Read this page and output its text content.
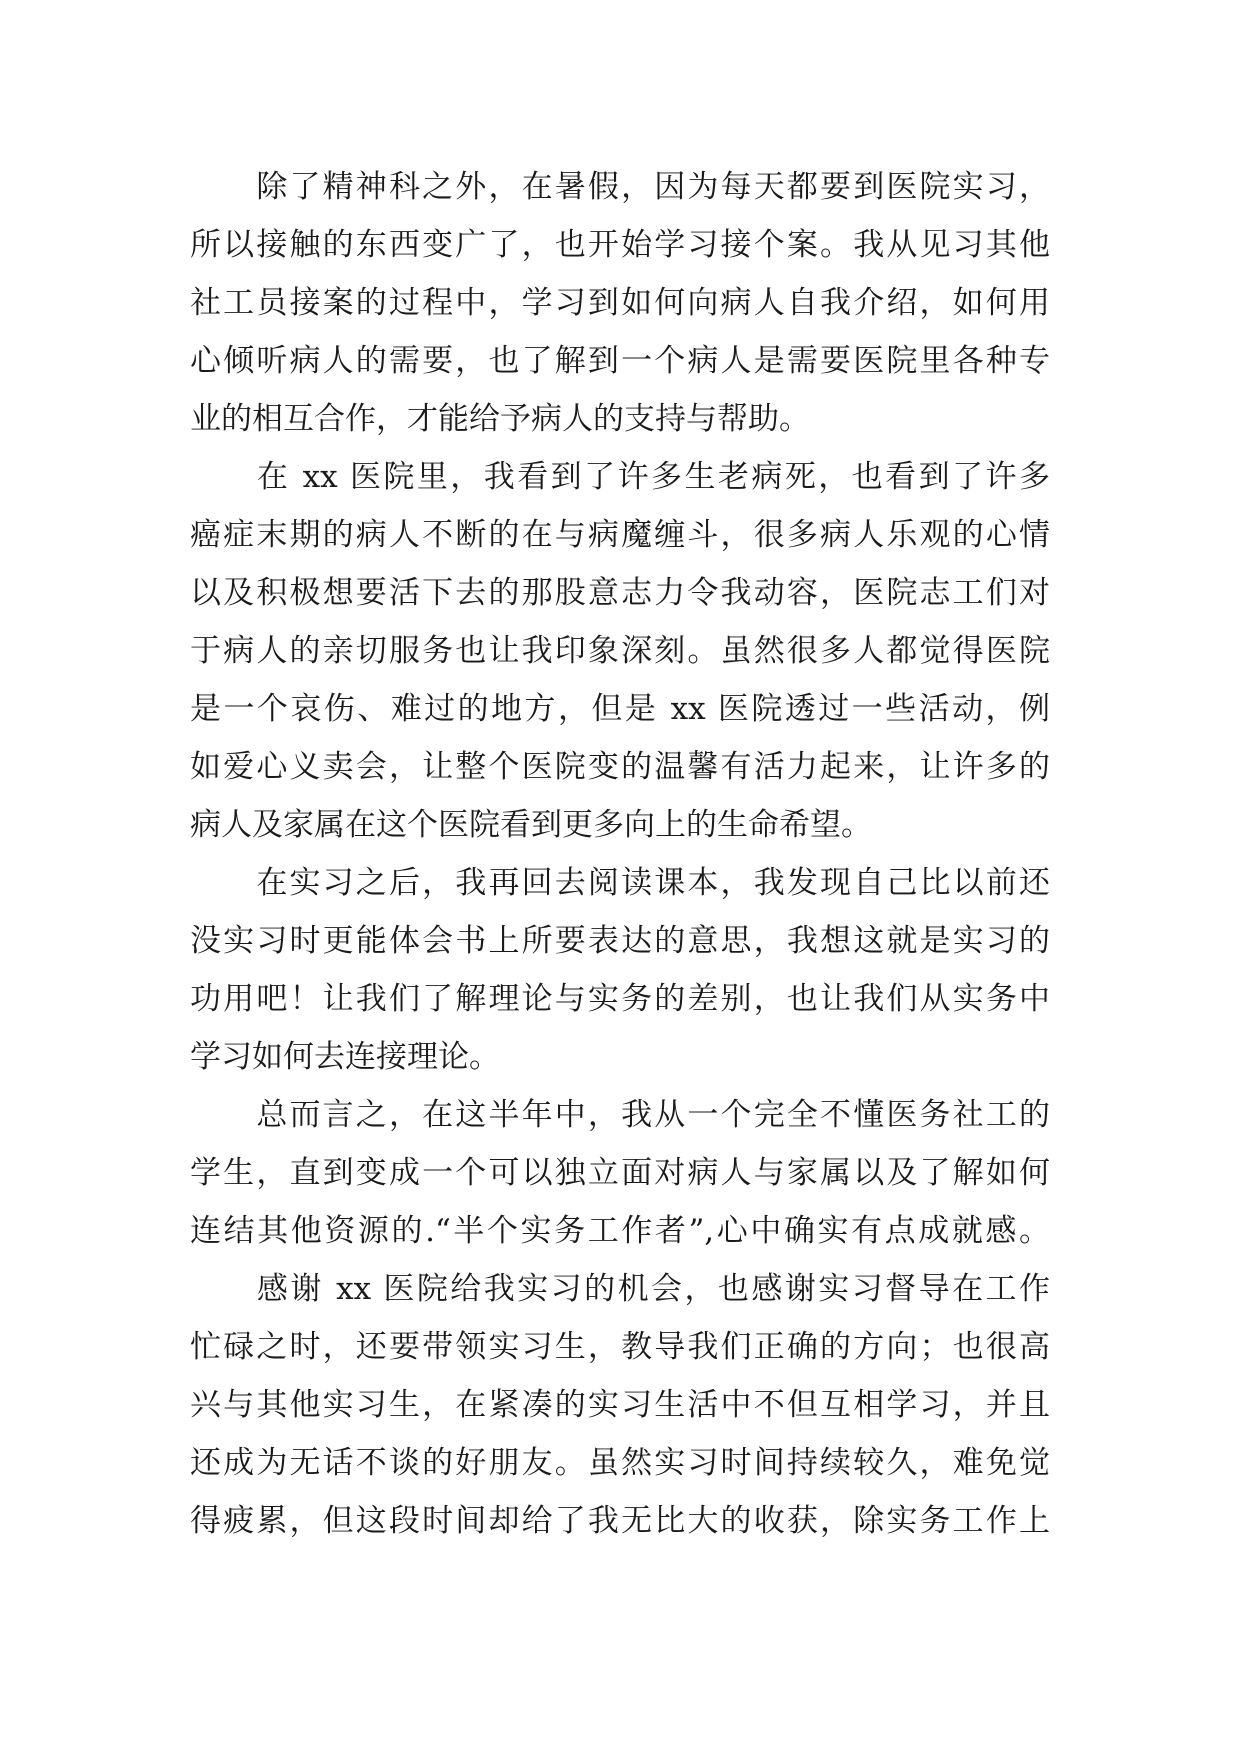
　　除了精神科之外，在暑假，因为每天都要到医院实习，
所以接触的东西变广了，也开始学习接个案。我从见习其他
社工员接案的过程中，学习到如何向病人自我介绍，如何用
心倾听病人的需要，也了解到一个病人是需要医院里各种专
业的相互合作，才能给予病人的支持与帮助。
　　在 xx 医院里，我看到了许多生老病死，也看到了许多
癌症末期的病人不断的在与病魔缠斗，很多病人乐观的心情
以及积极想要活下去的那股意志力令我动容，医院志工们对
于病人的亲切服务也让我印象深刻。虽然很多人都觉得医院
是一个哀伤、难过的地方，但是 xx 医院透过一些活动，例
如爱心义卖会，让整个医院变的温馨有活力起来，让许多的
病人及家属在这个医院看到更多向上的生命希望。
　　在实习之后，我再回去阅读课本，我发现自己比以前还
没实习时更能体会书上所要表达的意思，我想这就是实习的
功用吧！让我们了解理论与实务的差别，也让我们从实务中
学习如何去连接理论。
　　总而言之，在这半年中，我从一个完全不懂医务社工的
学生，直到变成一个可以独立面对病人与家属以及了解如何
连结其他资源的.“半个实务工作者”,心中确实有点成就感。
　　感谢 xx 医院给我实习的机会，也感谢实习督导在工作
忙碌之时，还要带领实习生，教导我们正确的方向；也很高
兴与其他实习生，在紧凑的实习生活中不但互相学习，并且
还成为无话不谈的好朋友。虽然实习时间持续较久，难免觉
得疲累，但这段时间却给了我无比大的收获，除实务工作上
